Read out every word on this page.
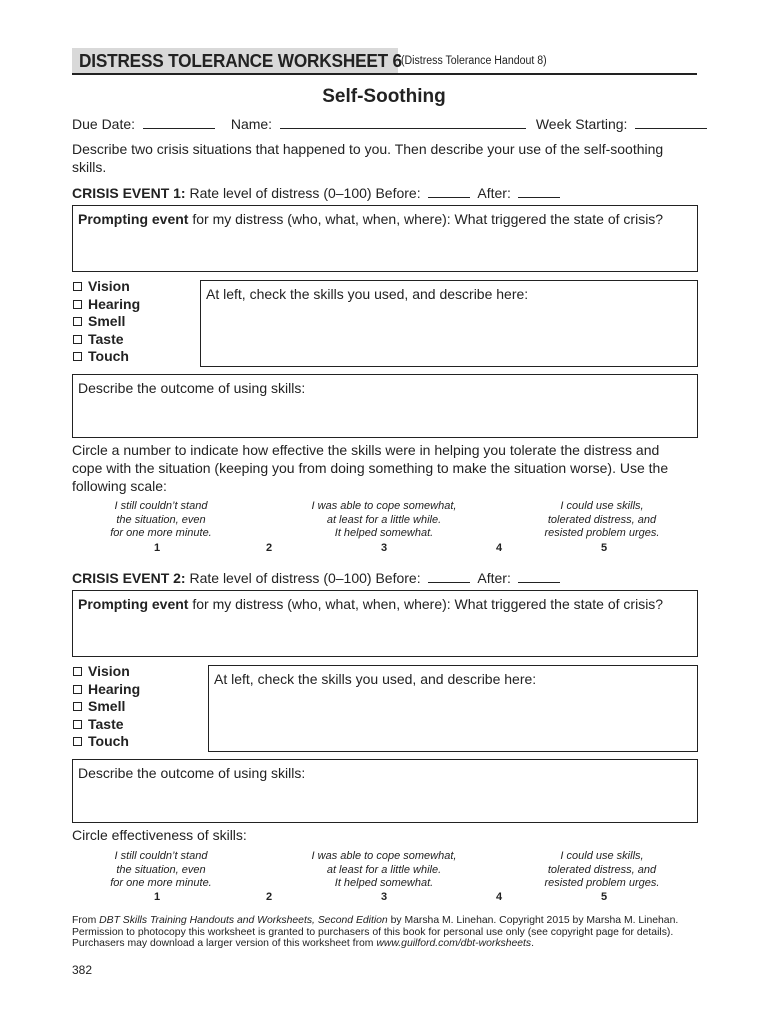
DISTRESS TOLERANCE WORKSHEET 6 (Distress Tolerance Handout 8)
Self-Soothing
Due Date:	Name:	Week Starting:
Describe two crisis situations that happened to you. Then describe your use of the self-soothing skills.
CRISIS EVENT 1: Rate level of distress (0–100) Before:	After:
Prompting event for my distress (who, what, when, where): What triggered the state of crisis?
Vision
Hearing
Smell
Taste
Touch
At left, check the skills you used, and describe here:
Describe the outcome of using skills:
Circle a number to indicate how effective the skills were in helping you tolerate the distress and cope with the situation (keeping you from doing something to make the situation worse). Use the following scale:
I still couldn’t stand
the situation, even
for one more minute.
I was able to cope somewhat,
at least for a little while.
It helped somewhat.
I could use skills,
tolerated distress, and
resisted problem urges.
1	2	3	4	5
CRISIS EVENT 2: Rate level of distress (0–100) Before:	After:
Prompting event for my distress (who, what, when, where): What triggered the state of crisis?
Vision
Hearing
Smell
Taste
Touch
At left, check the skills you used, and describe here:
Describe the outcome of using skills:
Circle effectiveness of skills:
I still couldn’t stand
the situation, even
for one more minute.
I was able to cope somewhat,
at least for a little while.
It helped somewhat.
I could use skills,
tolerated distress, and
resisted problem urges.
1	2	3	4	5
From DBT Skills Training Handouts and Worksheets, Second Edition by Marsha M. Linehan. Copyright 2015 by Marsha M. Linehan. Permission to photocopy this worksheet is granted to purchasers of this book for personal use only (see copyright page for details). Purchasers may download a larger version of this worksheet from www.guilford.com/dbt-worksheets.
382
